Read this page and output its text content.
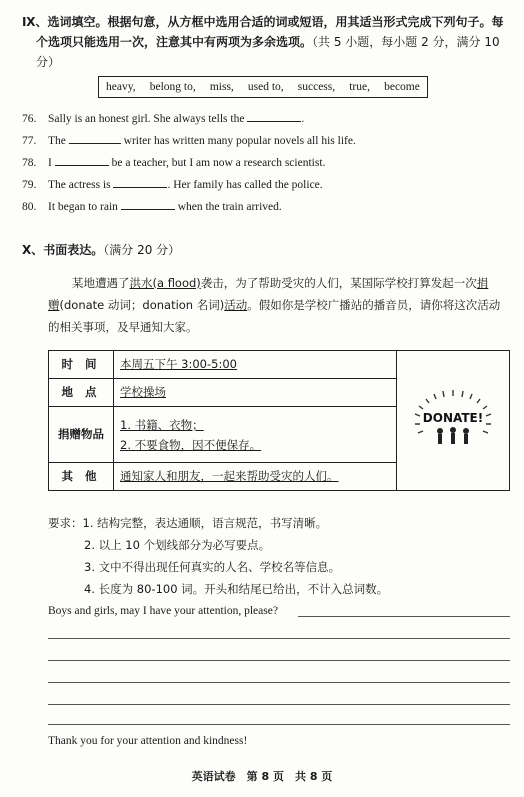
Ⅸ、选词填空。根据句意，从方框中选用合适的词或短语，用其适当形式完成下列句子。每
个选项只能选用一次，注意其中有两项为多余选项。（共 5 小题，每小题 2 分，满分 10
分）
heavy, belong to, miss, used to, success, true, become
76. Sally is an honest girl. She always tells the	.
77. The	writer has written many popular novels all his life.
78. I	be a teacher, but I am now a research scientist.
79. The actress is	. Her family has called the police.
80. It began to rain	when the train arrived.
Ⅹ、书面表达。（满分 20 分）
某地遭遇了洪水(a flood)袭击，为了帮助受灾的人们，某国际学校打算发起一次捐
赠(donate 动词；donation 名词)活动。假如你是学校广播站的播音员，请你将这次活动
的相关事项，及早通知大家。
时 间	本周五下午 3:00-5:00	DONATE!

地 点	学校操场	
捐赠物品	1. 书籍、衣物；
2. 不要食物，因不便保存。	
其 他	通知家人和朋友，一起来帮助受灾的人们。	
要求：1. 结构完整，表达通顺，语言规范，书写清晰。
2. 以上 10 个划线部分为必写要点。
3. 文中不得出现任何真实的人名、学校名等信息。
4. 长度为 80-100 词。开头和结尾已给出，不计入总词数。
Boys and girls, may I have your attention, please?
Thank you for your attention and kindness!
英语试卷　第 8 页　共 8 页
